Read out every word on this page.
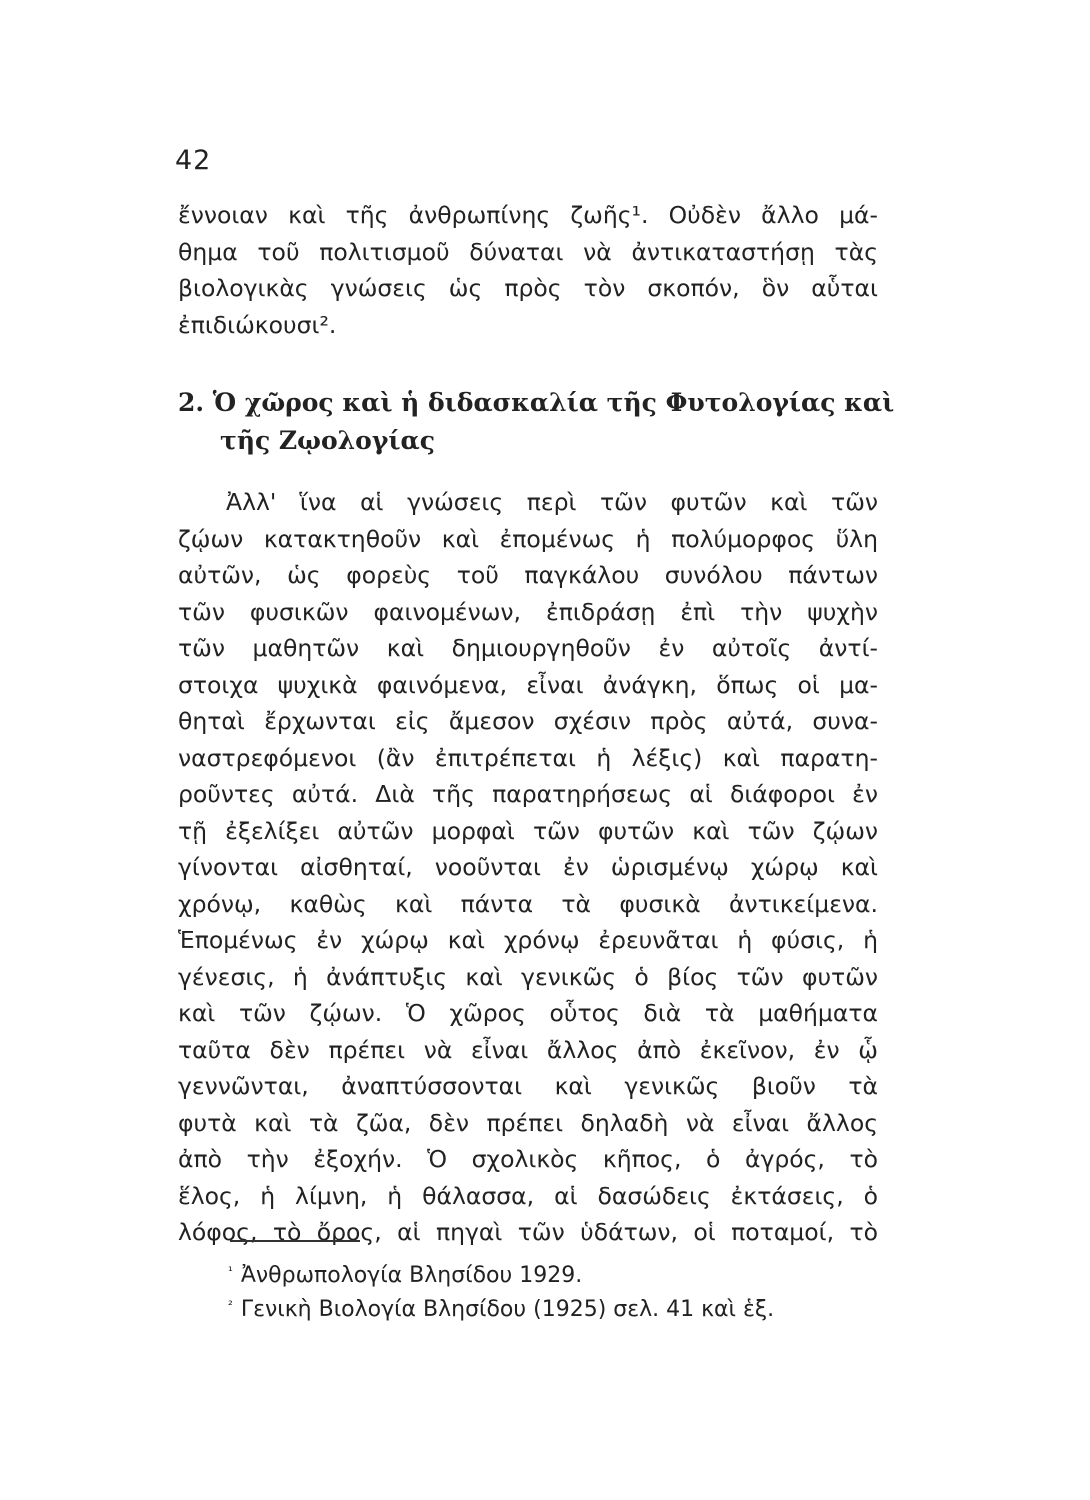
42
ἔννοιαν καὶ τῆς ἀνθρωπίνης ζωῆς¹. Οὐδὲν ἄλλο μά-
θημα τοῦ πολιτισμοῦ δύναται νὰ ἀντικαταστήσῃ τὰς
βιολογικὰς γνώσεις ὡς πρὸς τὸν σκοπόν, ὃν αὗται
ἐπιδιώκουσι².
2. Ὁ χῶρος καὶ ἡ διδασκαλία τῆς Φυτολογίας καὶ
τῆς Ζῳολογίας
Ἀλλ' ἵνα αἱ γνώσεις περὶ τῶν φυτῶν καὶ τῶν
ζῴων κατακτηθοῦν καὶ ἐπομένως ἡ πολύμορφος ὕλη
αὐτῶν, ὡς φορεὺς τοῦ παγκάλου συνόλου πάντων
τῶν φυσικῶν φαινομένων, ἐπιδράσῃ ἐπὶ τὴν ψυχὴν
τῶν μαθητῶν καὶ δημιουργηθοῦν ἐν αὐτοῖς ἀντί-
στοιχα ψυχικὰ φαινόμενα, εἶναι ἀνάγκη, ὅπως οἱ μα-
θηταὶ ἔρχωνται εἰς ἄμεσον σχέσιν πρὸς αὐτά, συνα-
ναστρεφόμενοι (ἂν ἐπιτρέπεται ἡ λέξις) καὶ παρατη-
ροῦντες αὐτά. Διὰ τῆς παρατηρήσεως αἱ διάφοροι ἐν
τῇ ἐξελίξει αὐτῶν μορφαὶ τῶν φυτῶν καὶ τῶν ζῴων
γίνονται αἰσθηταί, νοοῦνται ἐν ὡρισμένῳ χώρῳ καὶ
χρόνῳ, καθὼς καὶ πάντα τὰ φυσικὰ ἀντικείμενα.
Ἑπομένως ἐν χώρῳ καὶ χρόνῳ ἐρευνᾶται ἡ φύσις, ἡ
γένεσις, ἡ ἀνάπτυξις καὶ γενικῶς ὁ βίος τῶν φυτῶν
καὶ τῶν ζῴων. Ὁ χῶρος οὗτος διὰ τὰ μαθήματα
ταῦτα δὲν πρέπει νὰ εἶναι ἄλλος ἀπὸ ἐκεῖνον, ἐν ᾧ
γεννῶνται, ἀναπτύσσονται καὶ γενικῶς βιοῦν τὰ
φυτὰ καὶ τὰ ζῶα, δὲν πρέπει δηλαδὴ νὰ εἶναι ἄλλος
ἀπὸ τὴν ἐξοχήν. Ὁ σχολικὸς κῆπος, ὁ ἀγρός, τὸ
ἕλος, ἡ λίμνη, ἡ θάλασσα, αἱ δασώδεις ἐκτάσεις, ὁ
λόφος, τὸ ὄρος, αἱ πηγαὶ τῶν ὑδάτων, οἱ ποταμοί, τὸ
$^{^1}$ Ἀνθρωπολογία Βλησίδου 1929.
$^{^2}$ Γενικὴ Βιολογία Βλησίδου (1925) σελ. 41 καὶ ἑξ.
